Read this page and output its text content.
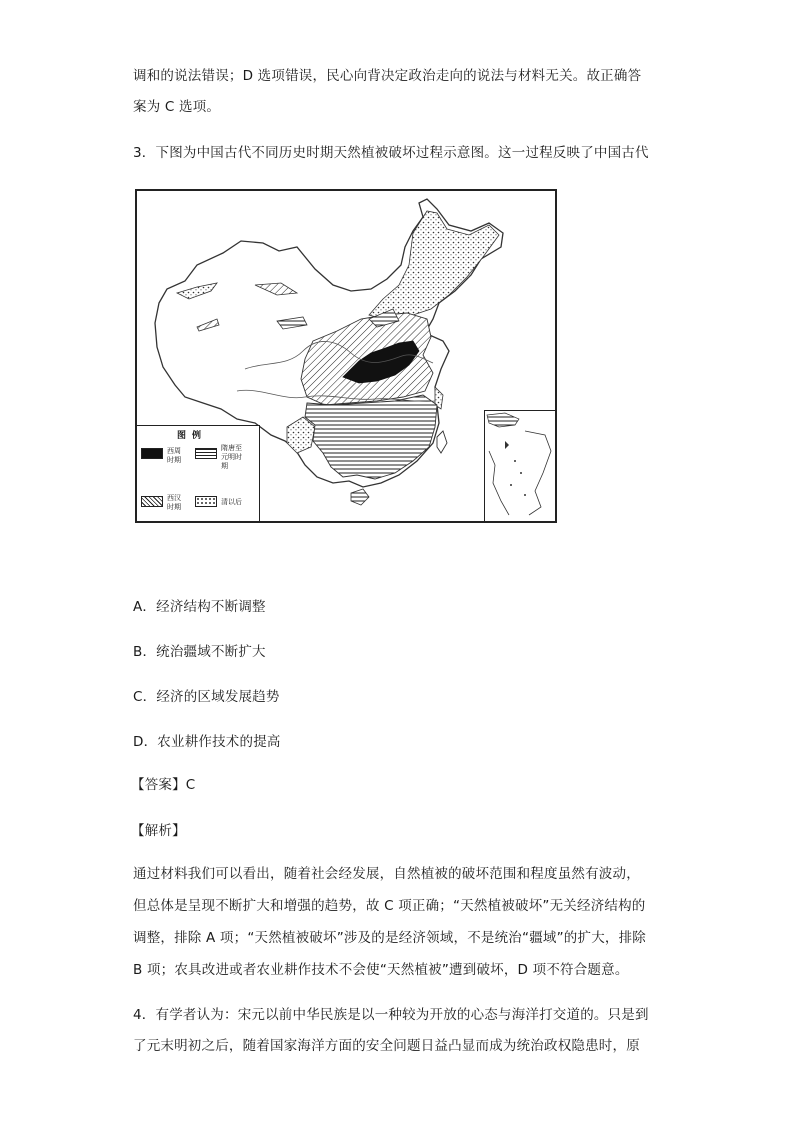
调和的说法错误；D 选项错误，民心向背决定政治走向的说法与材料无关。故正确答
案为 C 选项。
3．下图为中国古代不同历史时期天然植被破坏过程示意图。这一过程反映了中国古代
图例
西周时期
隋唐至元明时期
西汉时期
清以后
A．经济结构不断调整
B．统治疆域不断扩大
C．经济的区域发展趋势
D．农业耕作技术的提高
【答案】C
【解析】
通过材料我们可以看出，随着社会经发展，自然植被的破坏范围和程度虽然有波动，
但总体是呈现不断扩大和增强的趋势，故 C 项正确；“天然植被破坏”无关经济结构的
调整，排除 A 项；“天然植被破坏”涉及的是经济领域，不是统治“疆域”的扩大，排除
B 项；农具改进或者农业耕作技术不会使“天然植被”遭到破坏，D 项不符合题意。
4．有学者认为：宋元以前中华民族是以一种较为开放的心态与海洋打交道的。只是到
了元末明初之后，随着国家海洋方面的安全问题日益凸显而成为统治政权隐患时，原
